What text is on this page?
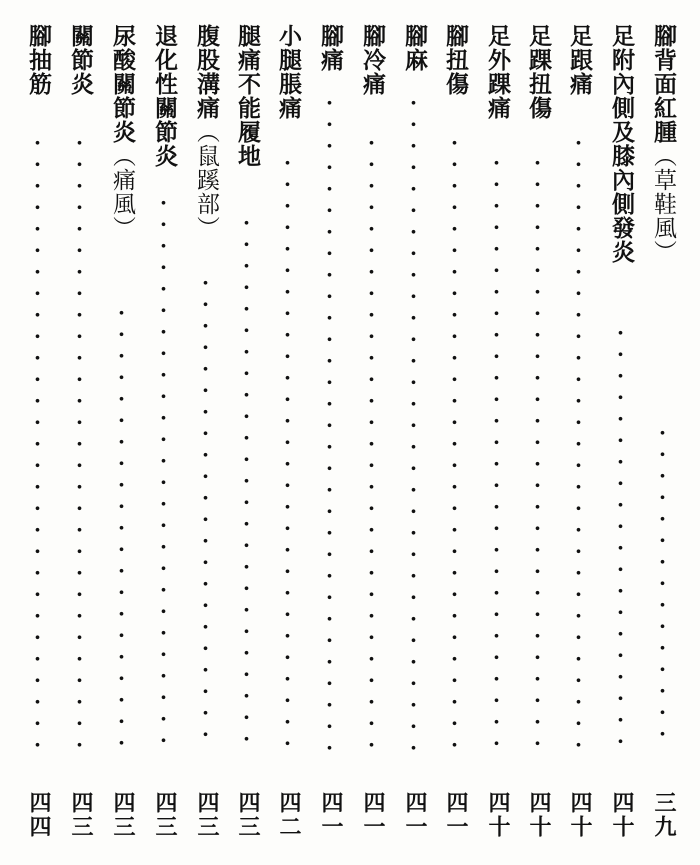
腳背面紅腫（草鞋風）
三九
足附內側及膝內側發炎
四十
足跟痛
四十
足踝扭傷
四十
足外踝痛
四十
腳扭傷
四一
腳麻
四一
腳冷痛
四一
腳痛
四一
小腿脹痛
四二
腿痛不能履地
四三
腹股溝痛（鼠蹊部）
四三
退化性關節炎
四三
尿酸關節炎（痛風）
四三
關節炎
四三
腳抽筋
四四
